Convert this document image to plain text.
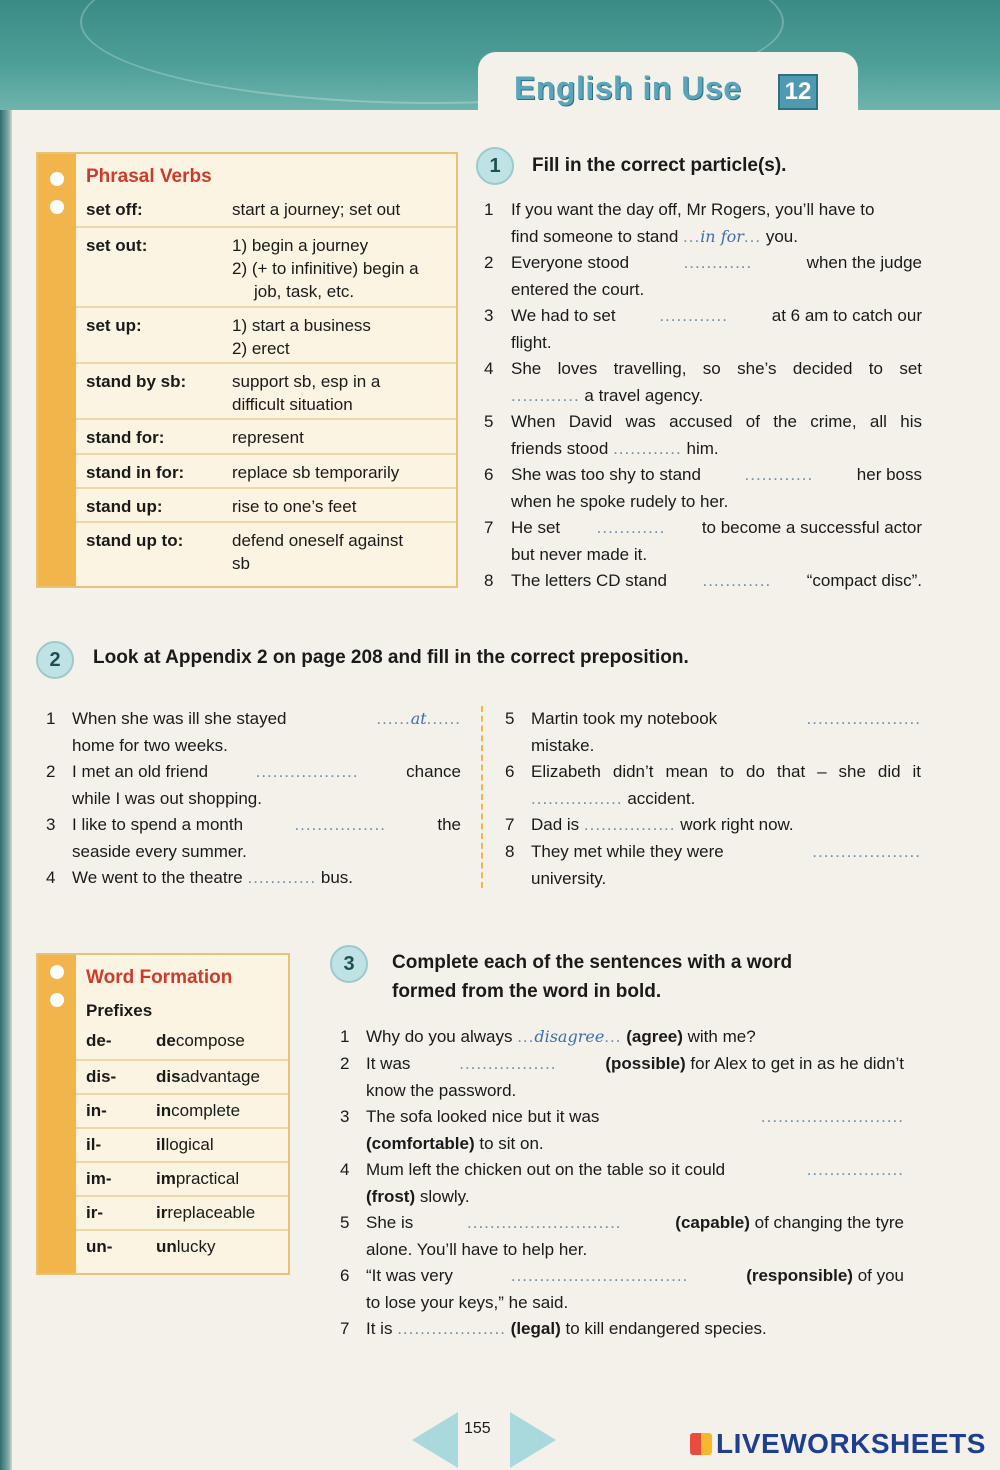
English in Use 12
Phrasal Verbs
set off:	start a journey; set out
set out:	1) begin a journey
2) (+ to infinitive) begin a
job, task, etc.
set up:	1) start a business
2) erect
stand by sb:	support sb, esp in a
difficult situation
stand for:	represent
stand in for:	replace sb temporarily
stand up:	rise to one’s feet
stand up to:	defend oneself against
sb
1	Fill in the correct particle(s).
1 If you want the day off, Mr Rogers, you’ll have to
find someone to stand ...in for... you.
2 Everyone stood	............	when the judge
entered the court.
3 We had to set	............	at 6 am to catch our
flight.
4 She loves travelling, so she’s decided to set
............ a travel agency.
5 When David was accused of the crime, all his
friends stood ............ him.
6 She was too shy to stand	............	her boss
when he spoke rudely to her.
7 He set ............ to become a successful actor
but never made it.
8 The letters CD stand ............ “compact disc”.
2	Look at Appendix 2 on page 208 and fill in the correct preposition.
1 When she was ill she stayed	......at......
home for two weeks.
2 I met an old friend	..................	chance
while I was out shopping.
3 I like to spend a month	................	the
seaside every summer.
4 We went to the theatre ............ bus.
5 Martin took my notebook	....................
mistake.
6 Elizabeth didn’t mean to do that – she did it
................ accident.
7 Dad is ................ work right now.
8 They met while they were	...................
university.
Word Formation
Prefixes
de-	decompose
dis- disadvantage
in-	incomplete
il-	illogical
im-	impractical
ir-	irreplaceable
un-	unlucky
3	Complete each of the sentences with a word
formed from the word in bold.
1 Why do you always ...disagree... (agree) with me?
2 It was	.................	(possible) for Alex to get in as he didn’t
know the password.
3 The sofa looked nice but it was	.........................
(comfortable) to sit on.
4 Mum left the chicken out on the table so it could	.................
(frost) slowly.
5 She is	...........................	(capable) of changing the tyre
alone. You’ll have to help her.
6 “It was very	...............................	(responsible) of you
to lose your keys,” he said.
7 It is ................... (legal) to kill endangered species.
155	LIVEWORKSHEETS
